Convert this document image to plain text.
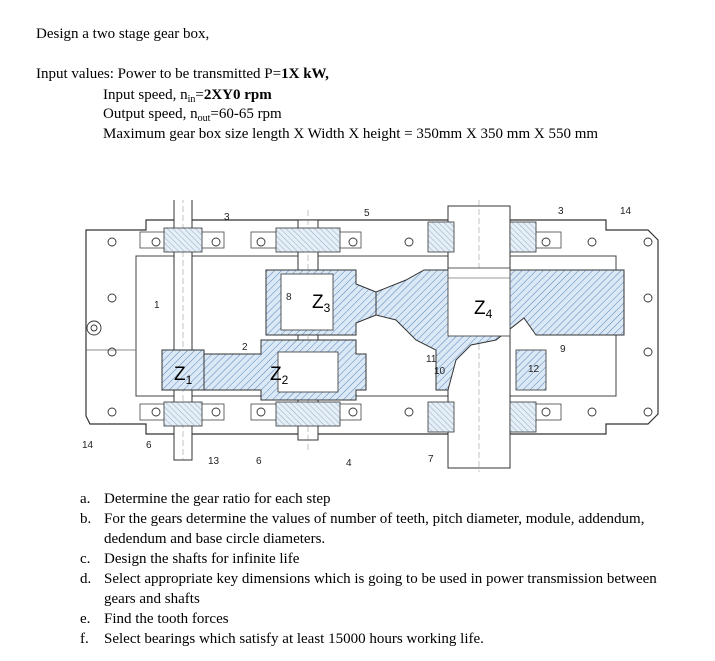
Design a two stage gear box,
Input values: Power to be transmitted P=1X kW,
Input speed, $n_{in}=2XY0$ rpm
Output speed, $n_{out}=60-65$ rpm
Maximum gear box size length X Width X height = 350mm X 350 mm X 550 mm
1
2
3
3
4
5
6
6	7
8
9
10
11
12
13
14
14
$Z_1$	$Z_2$
$Z_3$	$Z_4$
a. Determine the gear ratio for each step
b. For the gears determine the values of number of teeth, pitch diameter, module, addendum, dedendum and base circle diameters.
c. Design the shafts for infinite life
d. Select appropriate key dimensions which is going to be used in power transmission between gears and shafts
e. Find the tooth forces
f. Select bearings which satisfy at least 15000 hours working life.
